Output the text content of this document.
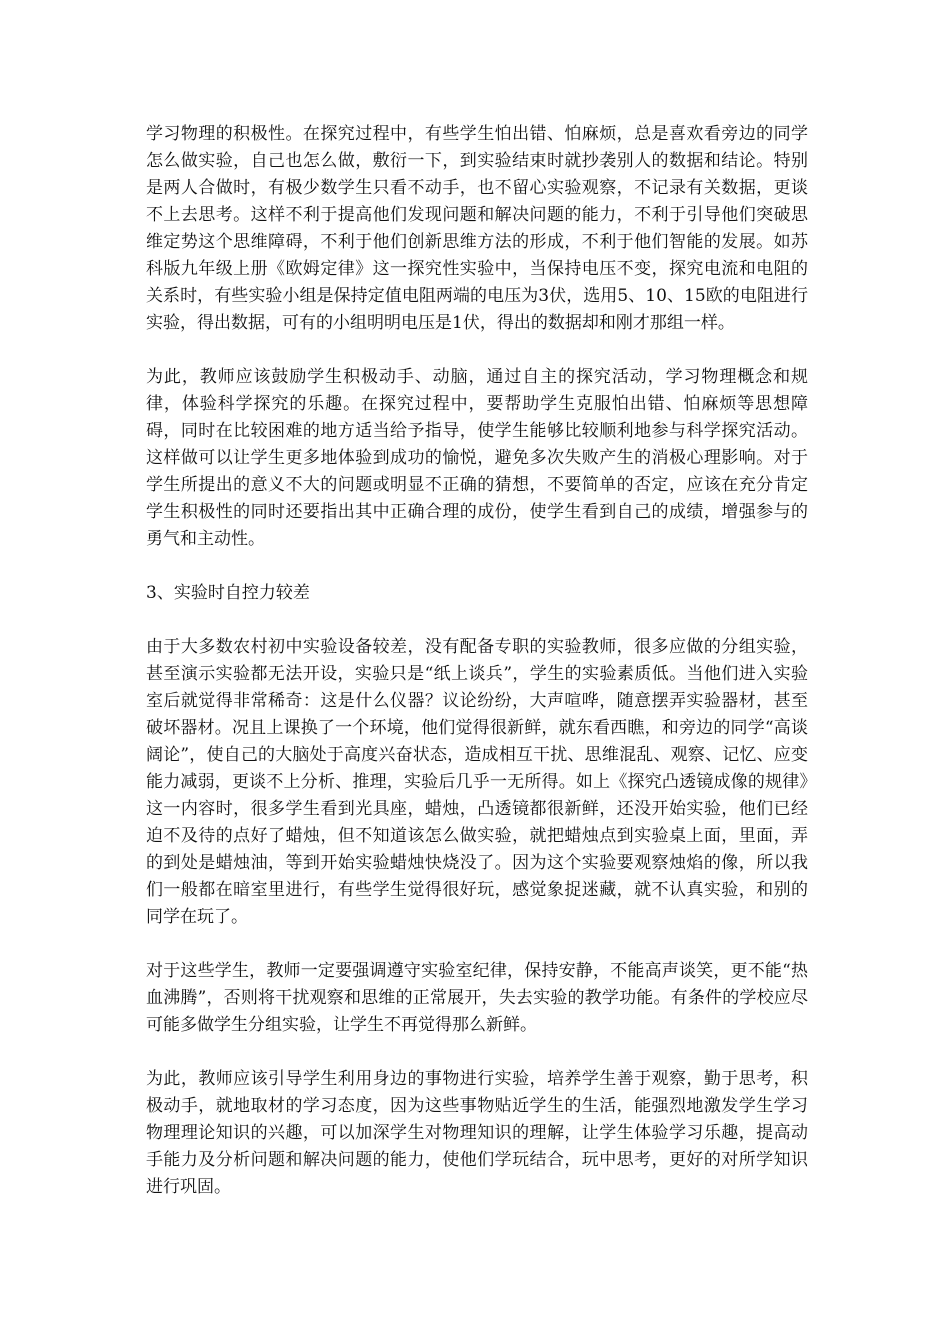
学习物理的积极性。在探究过程中，有些学生怕出错、怕麻烦，总是喜欢看旁边的同学怎么做实验，自己也怎么做，敷衍一下，到实验结束时就抄袭别人的数据和结论。特别是两人合做时，有极少数学生只看不动手，也不留心实验观察，不记录有关数据，更谈不上去思考。这样不利于提高他们发现问题和解决问题的能力，不利于引导他们突破思维定势这个思维障碍，不利于他们创新思维方法的形成，不利于他们智能的发展。如苏科版九年级上册《欧姆定律》这一探究性实验中，当保持电压不变，探究电流和电阻的关系时，有些实验小组是保持定值电阻两端的电压为3伏，选用5、10、15欧的电阻进行实验，得出数据，可有的小组明明电压是1伏，得出的数据却和刚才那组一样。

为此，教师应该鼓励学生积极动手、动脑，通过自主的探究活动，学习物理概念和规律，体验科学探究的乐趣。在探究过程中，要帮助学生克服怕出错、怕麻烦等思想障碍，同时在比较困难的地方适当给予指导，使学生能够比较顺利地参与科学探究活动。这样做可以让学生更多地体验到成功的愉悦，避免多次失败产生的消极心理影响。对于学生所提出的意义不大的问题或明显不正确的猜想，不要简单的否定，应该在充分肯定学生积极性的同时还要指出其中正确合理的成份，使学生看到自己的成绩，增强参与的勇气和主动性。

3、实验时自控力较差

由于大多数农村初中实验设备较差，没有配备专职的实验教师，很多应做的分组实验，甚至演示实验都无法开设，实验只是“纸上谈兵”，学生的实验素质低。当他们进入实验室后就觉得非常稀奇：这是什么仪器？议论纷纷，大声喧哗，随意摆弄实验器材，甚至破坏器材。况且上课换了一个环境，他们觉得很新鲜，就东看西瞧，和旁边的同学“高谈阔论”，使自己的大脑处于高度兴奋状态，造成相互干扰、思维混乱、观察、记忆、应变能力减弱，更谈不上分析、推理，实验后几乎一无所得。如上《探究凸透镜成像的规律》这一内容时，很多学生看到光具座，蜡烛，凸透镜都很新鲜，还没开始实验，他们已经迫不及待的点好了蜡烛，但不知道该怎么做实验，就把蜡烛点到实验桌上面，里面，弄的到处是蜡烛油，等到开始实验蜡烛快烧没了。因为这个实验要观察烛焰的像，所以我们一般都在暗室里进行，有些学生觉得很好玩，感觉象捉迷藏，就不认真实验，和别的同学在玩了。

对于这些学生，教师一定要强调遵守实验室纪律，保持安静，不能高声谈笑，更不能“热血沸腾”，否则将干扰观察和思维的正常展开，失去实验的教学功能。有条件的学校应尽可能多做学生分组实验，让学生不再觉得那么新鲜。

为此，教师应该引导学生利用身边的事物进行实验，培养学生善于观察，勤于思考，积极动手，就地取材的学习态度，因为这些事物贴近学生的生活，能强烈地激发学生学习物理理论知识的兴趣，可以加深学生对物理知识的理解，让学生体验学习乐趣，提高动手能力及分析问题和解决问题的能力，使他们学玩结合，玩中思考，更好的对所学知识进行巩固。
